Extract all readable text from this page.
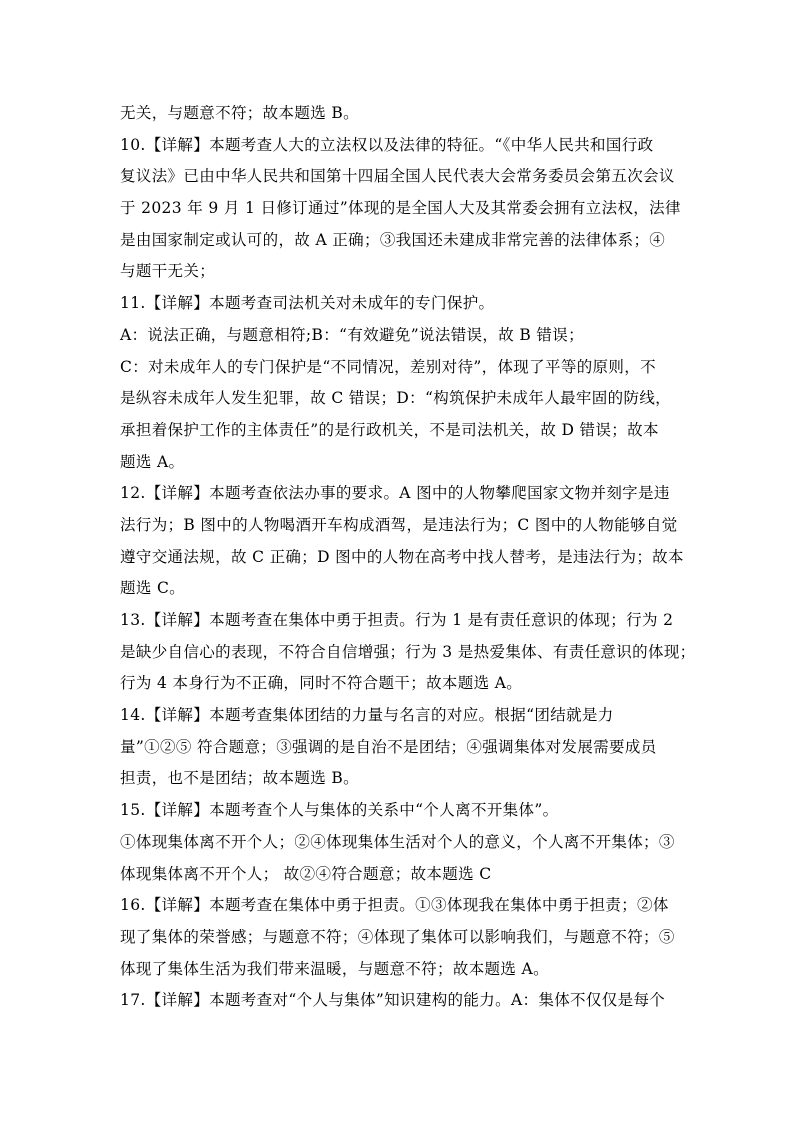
无关，与题意不符；故本题选 B。
10.【详解】本题考查人大的立法权以及法律的特征。“《中华人民共和国行政
复议法》已由中华人民共和国第十四届全国人民代表大会常务委员会第五次会议
于 2023 年 9 月 1 日修订通过”体现的是全国人大及其常委会拥有立法权，法律
是由国家制定或认可的，故 A 正确；③我国还未建成非常完善的法律体系；④
与题干无关；
11.【详解】本题考查司法机关对未成年的专门保护。
A：说法正确，与题意相符;B：“有效避免”说法错误，故 B 错误；
C：对未成年人的专门保护是“不同情况，差别对待”，体现了平等的原则，不
是纵容未成年人发生犯罪，故 C 错误；D：“构筑保护未成年人最牢固的防线，
承担着保护工作的主体责任”的是行政机关，不是司法机关，故 D 错误；故本
题选 A。
12.【详解】本题考查依法办事的要求。A 图中的人物攀爬国家文物并刻字是违
法行为；B 图中的人物喝酒开车构成酒驾，是违法行为；C 图中的人物能够自觉
遵守交通法规，故 C 正确；D 图中的人物在高考中找人替考，是违法行为；故本
题选 C。
13.【详解】本题考查在集体中勇于担责。行为 1 是有责任意识的体现；行为 2
是缺少自信心的表现，不符合自信增强；行为 3 是热爱集体、有责任意识的体现；
行为 4 本身行为不正确，同时不符合题干；故本题选 A。
14.【详解】本题考查集体团结的力量与名言的对应。根据“团结就是力
量”①②⑤ 符合题意；③强调的是自治不是团结；④强调集体对发展需要成员
担责，也不是团结；故本题选 B。
15.【详解】本题考查个人与集体的关系中“个人离不开集体”。
①体现集体离不开个人；②④体现集体生活对个人的意义，个人离不开集体；③
体现集体离不开个人； 故②④符合题意；故本题选 C
16.【详解】本题考查在集体中勇于担责。①③体现我在集体中勇于担责；②体
现了集体的荣誉感；与题意不符；④体现了集体可以影响我们，与题意不符；⑤
体现了集体生活为我们带来温暖，与题意不符；故本题选 A。
17.【详解】本题考查对“个人与集体”知识建构的能力。A：集体不仅仅是每个
